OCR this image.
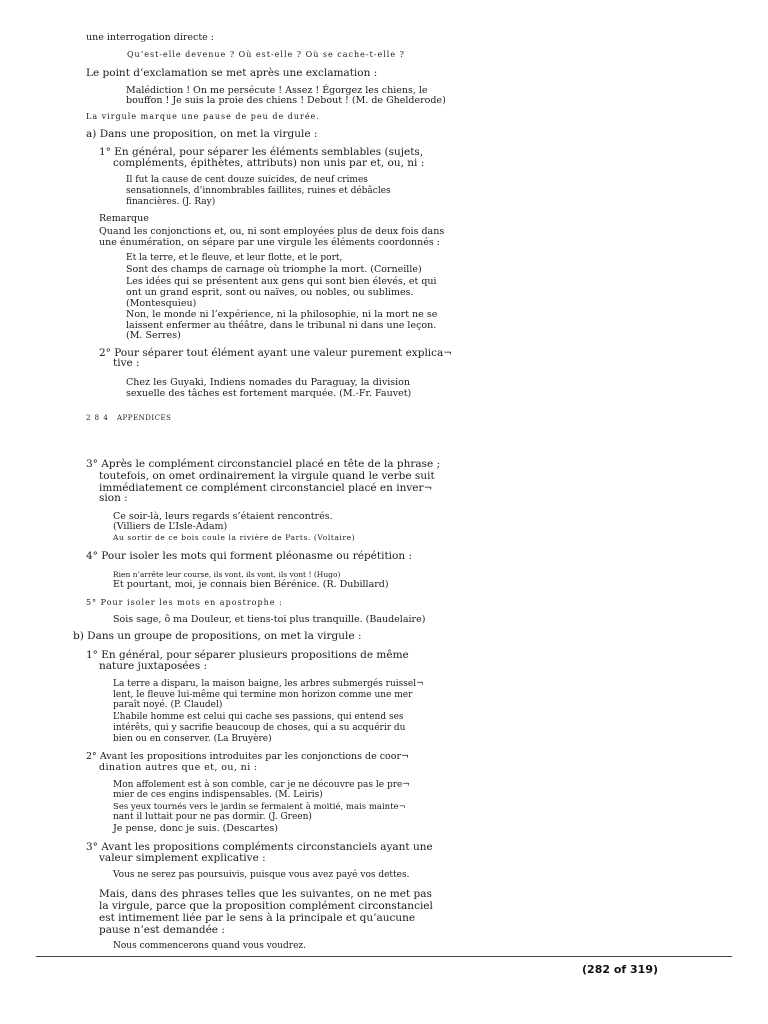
une interrogation directe :
Qu’est-elle devenue ? Où est-elle ? Où se cache-t-elle ?
Le point d’exclamation se met après une exclamation :
Malédiction ! On me persécute ! Assez ! Égorgez les chiens, le
bouffon ! Je suis la proie des chiens ! Debout ! (M. de Ghelderode)
La virgule marque une pause de peu de durée.
a) Dans une proposition, on met la virgule :
1° En général, pour séparer les éléments semblables (sujets,
compléments, épithètes, attributs) non unis par et, ou, ni :
Il fut la cause de cent douze suicides, de neuf crimes
sensationnels, d’innombrables faillites, ruines et débâcles
financières. (J. Ray)
Remarque
Quand les conjonctions et, ou, ni sont employées plus de deux fois dans
une énumération, on sépare par une virgule les éléments coordonnés :
Et la terre, et le fleuve, et leur flotte, et le port,
Sont des champs de carnage où triomphe la mort. (Corneille)
Les idées qui se présentent aux gens qui sont bien élevés, et qui
ont un grand esprit, sont ou naïves, ou nobles, ou sublimes.
(Montesquieu)
Non, le monde ni l’expérience, ni la philosophie, ni la mort ne se
laissent enfermer au théâtre, dans le tribunal ni dans une leçon.
(M. Serres)
2° Pour séparer tout élément ayant une valeur purement explica¬
tive :
Chez les Guyaki, Indiens nomades du Paraguay, la division
sexuelle des tâches est fortement marquée. (M.-Fr. Fauvet)
2 8 4 APPENDICES
3° Après le complément circonstanciel placé en tête de la phrase ;
toutefois, on omet ordinairement la virgule quand le verbe suit
immédiatement ce complément circonstanciel placé en inver¬
sion :
Ce soir-là, leurs regards s’étaient rencontrés.
(Villiers de L’Isle-Adam)
Au sortir de ce bois coule la rivière de Parts. (Voltaire)
4° Pour isoler les mots qui forment pléonasme ou répétition :
Rien n’arrête leur course, ils vont, ils vont, ils vont ! (Hugo)
Et pourtant, moi, je connais bien Bérénice. (R. Dubillard)
5° Pour isoler les mots en apostrophe :
Sois sage, ô ma Douleur, et tiens-toi plus tranquille. (Baudelaire)
b) Dans un groupe de propositions, on met la virgule :
1° En général, pour séparer plusieurs propositions de même
nature juxtaposées :
La terre a disparu, la maison baigne, les arbres submergés ruissel¬
lent, le fleuve lui-même qui termine mon horizon comme une mer
paraît noyé. (P. Claudel)
L’habile homme est celui qui cache ses passions, qui entend ses
intérêts, qui y sacrifie beaucoup de choses, qui a su acquérir du
bien ou en conserver. (La Bruyère)
2° Avant les propositions introduites par les conjonctions de coor¬
dination autres que et, ou, ni :
Mon affolement est à son comble, car je ne découvre pas le pre¬
mier de ces engins indispensables. (M. Leiris)
Ses yeux tournés vers le jardin se fermaient à moitié, mais mainte¬
nant il luttait pour ne pas dormir. (J. Green)
Je pense, donc je suis. (Descartes)
3° Avant les propositions compléments circonstanciels ayant une
valeur simplement explicative :
Vous ne serez pas poursuivis, puisque vous avez payé vos dettes.
Mais, dans des phrases telles que les suivantes, on ne met pas
la virgule, parce que la proposition complément circonstanciel
est intimement liée par le sens à la principale et qu’aucune
pause n’est demandée :
Nous commencerons quand vous voudrez.
(282 of 319)
